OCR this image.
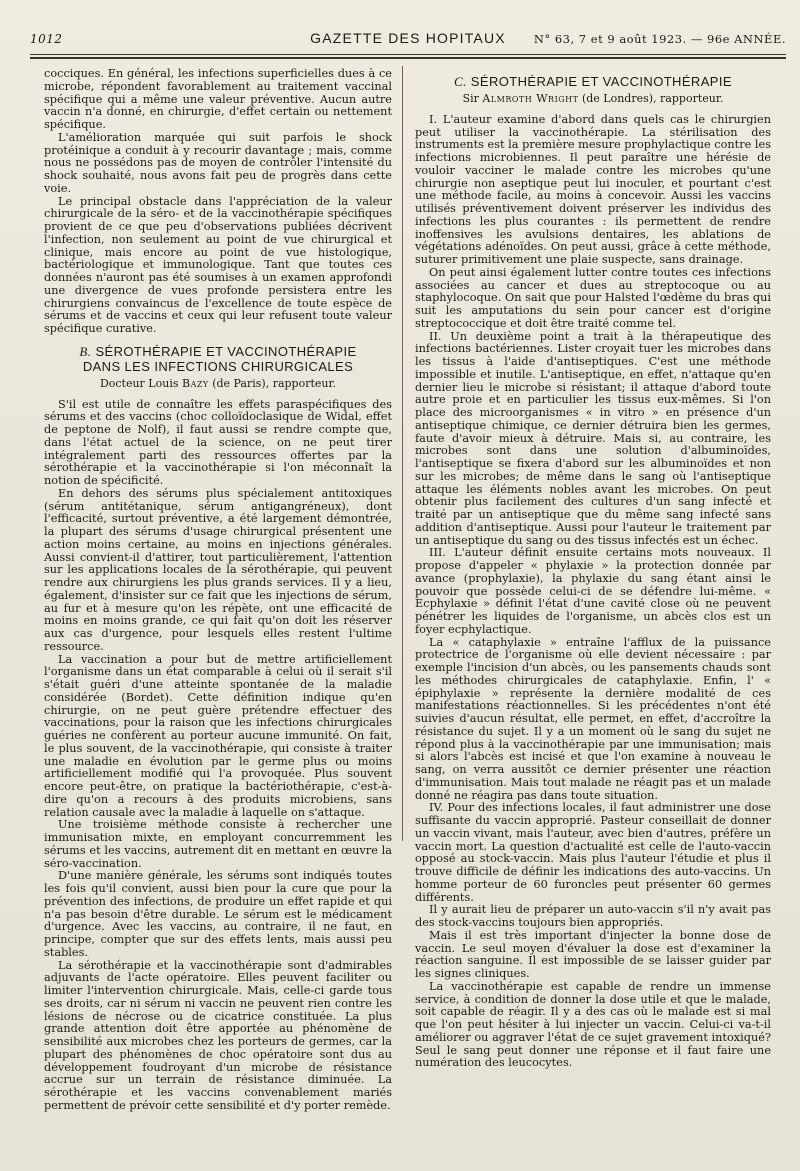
1012	GAZETTE DES HOPITAUX	N° 63, 7 et 9 août 1923. — 96e ANNÉE.

cocciques. En général, les infections superficielles dues à ce microbe, répondent favorablement au traitement vaccinal spécifique qui a même une valeur préventive. Aucun autre vaccin n'a donné, en chirurgie, d'effet certain ou nettement spécifique.

L'amélioration marquée qui suit parfois le shock protéinique a conduit à y recourir davantage ; mais, comme nous ne possédons pas de moyen de contrôler l'intensité du shock souhaité, nous avons fait peu de progrès dans cette voie.

Le principal obstacle dans l'appréciation de la valeur chirurgicale de la séro- et de la vaccinothérapie spécifiques provient de ce que peu d'observations publiées décrivent l'infection, non seulement au point de vue chirurgical et clinique, mais encore au point de vue histologique, bactériologique et immunologique. Tant que toutes ces données n'auront pas été soumises à un examen approfondi une divergence de vues profonde persistera entre les chirurgiens convaincus de l'excellence de toute espèce de sérums et de vaccins et ceux qui leur refusent toute valeur spécifique curative.

B. SÉROTHÉRAPIE ET VACCINOTHÉRAPIE
DANS LES INFECTIONS CHIRURGICALES
Docteur Louis Bazy (de Paris), rapporteur.

S'il est utile de connaître les effets paraspécifiques des sérums et des vaccins (choc colloïdoclasique de Widal, effet de peptone de Nolf), il faut aussi se rendre compte que, dans l'état actuel de la science, on ne peut tirer intégralement parti des ressources offertes par la sérothérapie et la vaccinothérapie si l'on méconnaît la notion de spécificité.

En dehors des sérums plus spécialement antitoxiques (sérum antitétanique, sérum antigangréneux), dont l'efficacité, surtout préventive, a été largement démontrée, la plupart des sérums d'usage chirurgical présentent une action moins certaine, au moins en injections générales. Aussi convient-il d'attirer, tout particulièrement, l'attention sur les applications locales de la sérothérapie, qui peuvent rendre aux chirurgiens les plus grands services. Il y a lieu, également, d'insister sur ce fait que les injections de sérum, au fur et à mesure qu'on les répète, ont une efficacité de moins en moins grande, ce qui fait qu'on doit les réserver aux cas d'urgence, pour lesquels elles restent l'ultime ressource.

La vaccination a pour but de mettre artificiellement l'organisme dans un état comparable à celui où il serait s'il s'était guéri d'une atteinte spontanée de la maladie considérée (Bordet). Cette définition indique qu'en chirurgie, on ne peut guère prétendre effectuer des vaccinations, pour la raison que les infections chirurgicales guéries ne confèrent au porteur aucune immunité. On fait, le plus souvent, de la vaccinothérapie, qui consiste à traiter une maladie en évolution par le germe plus ou moins artificiellement modifié qui l'a provoquée. Plus souvent encore peut-être, on pratique la bactériothérapie, c'est-à-dire qu'on a recours à des produits microbiens, sans relation causale avec la maladie à laquelle on s'attaque.

Une troisième méthode consiste à rechercher une immunisation mixte, en employant concurremment les sérums et les vaccins, autrement dit en mettant en œuvre la séro-vaccination.

D'une manière générale, les sérums sont indiqués toutes les fois qu'il convient, aussi bien pour la cure que pour la prévention des infections, de produire un effet rapide et qui n'a pas besoin d'être durable. Le sérum est le médicament d'urgence. Avec les vaccins, au contraire, il ne faut, en principe, compter que sur des effets lents, mais aussi peu stables.

La sérothérapie et la vaccinothérapie sont d'admirables adjuvants de l'acte opératoire. Elles peuvent faciliter ou limiter l'intervention chirurgicale. Mais, celle-ci garde tous ses droits, car ni sérum ni vaccin ne peuvent rien contre les lésions de nécrose ou de cicatrice constituée. La plus grande attention doit être apportée au phénomène de sensibilité aux microbes chez les porteurs de germes, car la plupart des phénomènes de choc opératoire sont dus au développement foudroyant d'un microbe de résistance accrue sur un terrain de résistance diminuée. La sérothérapie et les vaccins convenablement mariés permettent de prévoir cette sensibilité et d'y porter remède.

C. SÉROTHÉRAPIE ET VACCINOTHÉRAPIE
Sir Almroth Wright (de Londres), rapporteur.

I. L'auteur examine d'abord dans quels cas le chirurgien peut utiliser la vaccinothérapie. La stérilisation des instruments est la première mesure prophylactique contre les infections microbiennes. Il peut paraître une hérésie de vouloir vacciner le malade contre les microbes qu'une chirurgie non aseptique peut lui inoculer, et pourtant c'est une méthode facile, au moins à concevoir. Aussi les vaccins utilisés préventivement doivent préserver les individus des infections les plus courantes : ils permettent de rendre inoffensives les avulsions dentaires, les ablations de végétations adénoïdes. On peut aussi, grâce à cette méthode, suturer primitivement une plaie suspecte, sans drainage.

On peut ainsi également lutter contre toutes ces infections associées au cancer et dues au streptocoque ou au staphylocoque. On sait que pour Halsted l'œdème du bras qui suit les amputations du sein pour cancer est d'origine streptococcique et doit être traité comme tel.

II. Un deuxième point a trait à la thérapeutique des infections bactériennes. Lister croyait tuer les microbes dans les tissus à l'aide d'antiseptiques. C'est une méthode impossible et inutile. L'antiseptique, en effet, n'attaque qu'en dernier lieu le microbe si résistant; il attaque d'abord toute autre proie et en particulier les tissus eux-mêmes. Si l'on place des microorganismes « in vitro » en présence d'un antiseptique chimique, ce dernier détruira bien les germes, faute d'avoir mieux à détruire. Mais si, au contraire, les microbes sont dans une solution d'albuminoïdes, l'antiseptique se fixera d'abord sur les albuminoïdes et non sur les microbes; de même dans le sang où l'antiseptique attaque les éléments nobles avant les microbes. On peut obtenir plus facilement des cultures d'un sang infecté et traité par un antiseptique que du même sang infecté sans addition d'antiseptique. Aussi pour l'auteur le traitement par un antiseptique du sang ou des tissus infectés est un échec.

III. L'auteur définit ensuite certains mots nouveaux. Il propose d'appeler « phylaxie » la protection donnée par avance (prophylaxie), la phylaxie du sang étant ainsi le pouvoir que possède celui-ci de se défendre lui-même. « Ecphylaxie » définit l'état d'une cavité close où ne peuvent pénétrer les liquides de l'organisme, un abcès clos est un foyer ecphylactique.

La « cataphylaxie » entraîne l'afflux de la puissance protectrice de l'organisme où elle devient nécessaire : par exemple l'incision d'un abcès, ou les pansements chauds sont les méthodes chirurgicales de cataphylaxie. Enfin, l' « épiphylaxie » représente la dernière modalité de ces manifestations réactionnelles. Si les précédentes n'ont été suivies d'aucun résultat, elle permet, en effet, d'accroître la résistance du sujet. Il y a un moment où le sang du sujet ne répond plus à la vaccinothérapie par une immunisation; mais si alors l'abcès est incisé et que l'on examine à nouveau le sang, on verra aussitôt ce dernier présenter une réaction d'immunisation. Mais tout malade ne réagit pas et un malade donné ne réagira pas dans toute situation.

IV. Pour des infections locales, il faut administrer une dose suffisante du vaccin approprié. Pasteur conseillait de donner un vaccin vivant, mais l'auteur, avec bien d'autres, préfère un vaccin mort. La question d'actualité est celle de l'auto-vaccin opposé au stock-vaccin. Mais plus l'auteur l'étudie et plus il trouve difficile de définir les indications des auto-vaccins. Un homme porteur de 60 furoncles peut présenter 60 germes différents.

Il y aurait lieu de préparer un auto-vaccin s'il n'y avait pas des stock-vaccins toujours bien appropriés.

Mais il est très important d'injecter la bonne dose de vaccin. Le seul moyen d'évaluer la dose est d'examiner la réaction sanguine. Il est impossible de se laisser guider par les signes cliniques.

La vaccinothérapie est capable de rendre un immense service, à condition de donner la dose utile et que le malade, soit capable de réagir. Il y a des cas où le malade est si mal que l'on peut hésiter à lui injecter un vaccin. Celui-ci va-t-il améliorer ou aggraver l'état de ce sujet gravement intoxiqué? Seul le sang peut donner une réponse et il faut faire une numération des leucocytes.
